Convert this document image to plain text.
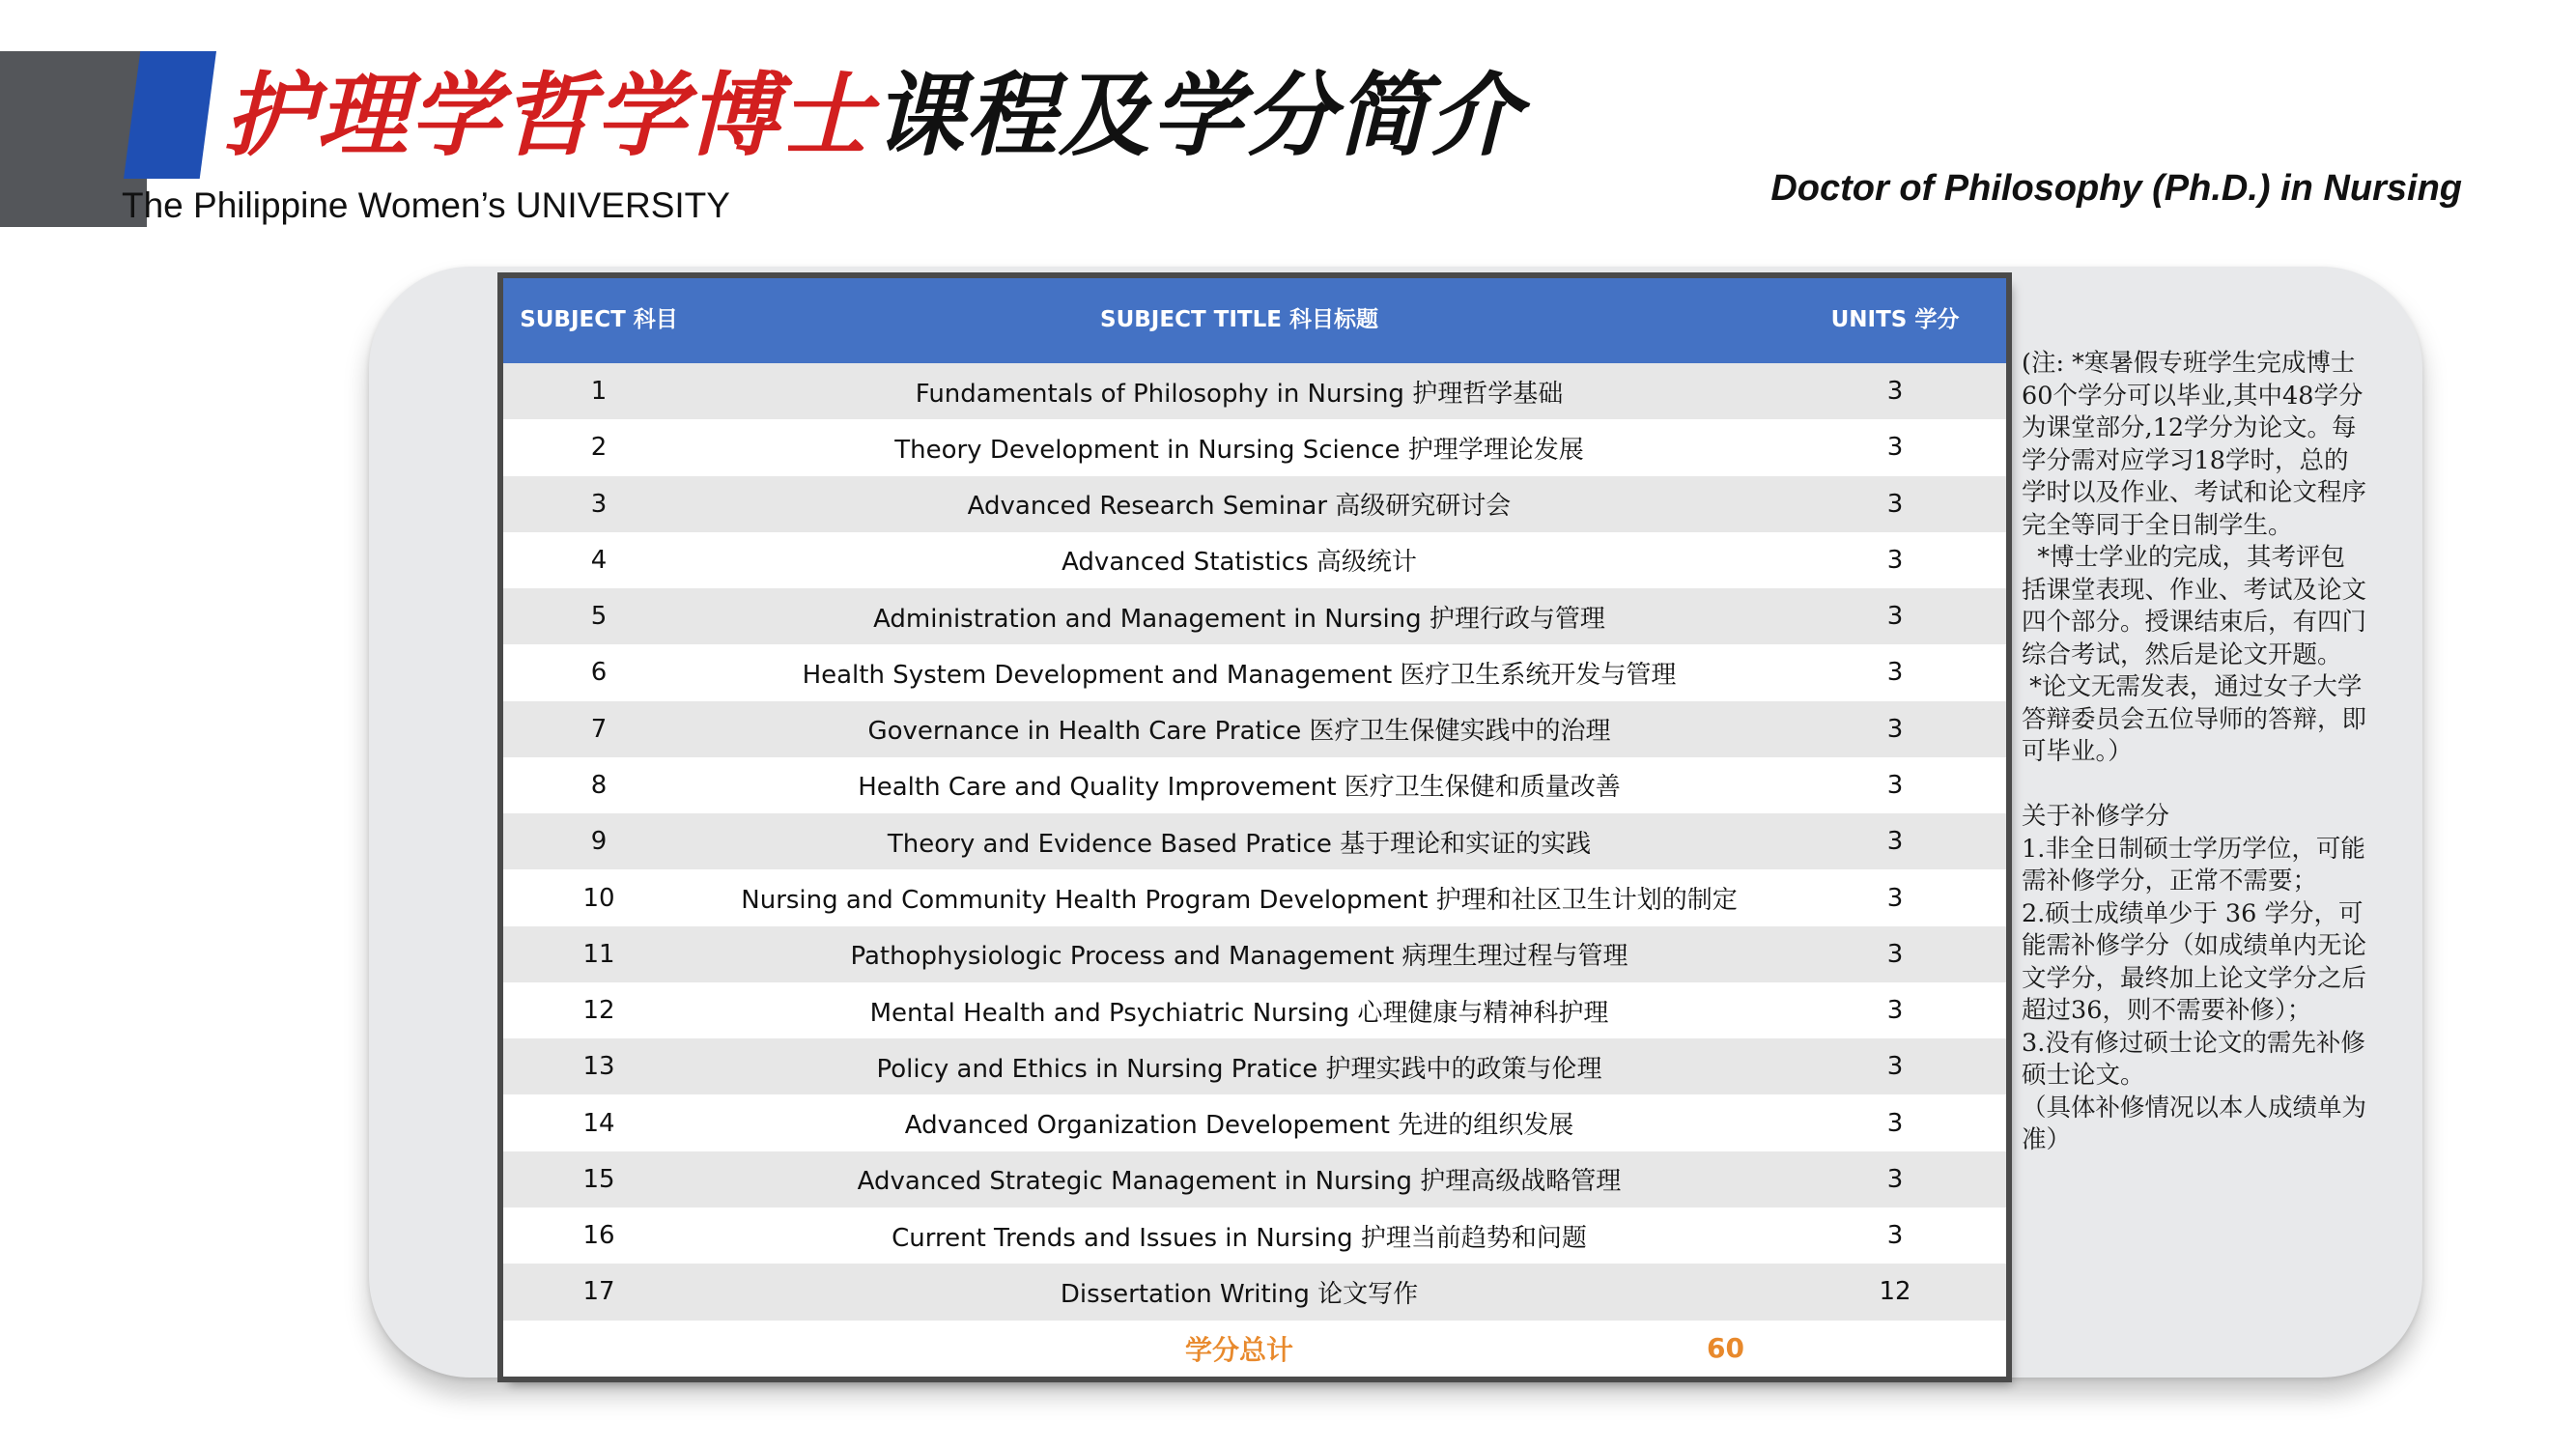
护理学哲学博士课程及学分简介
The Philippine Women’s UNIVERSITY	Doctor of Philosophy (Ph.D.) in Nursing
SUBJECT 科目	SUBJECT TITLE 科目标题	UNITS 学分
1	Fundamentals of Philosophy in Nursing 护理哲学基础	3
2	Theory Development in Nursing Science 护理学理论发展	3
3	Advanced Research Seminar 高级研究研讨会	3
4	Advanced Statistics 高级统计	3
5	Administration and Management in Nursing 护理行政与管理	3
6	Health System Development and Management 医疗卫生系统开发与管理	3
7	Governance in Health Care Pratice 医疗卫生保健实践中的治理	3
8	Health Care and Quality Improvement 医疗卫生保健和质量改善	3
9	Theory and Evidence Based Pratice 基于理论和实证的实践	3
10	Nursing and Community Health Program Development 护理和社区卫生计划的制定	3
11	Pathophysiologic Process and Management 病理生理过程与管理	3
12	Mental Health and Psychiatric Nursing 心理健康与精神科护理	3
13	Policy and Ethics in Nursing Pratice 护理实践中的政策与伦理	3
14	Advanced Organization Developement 先进的组织发展	3
15	Advanced Strategic Management in Nursing 护理高级战略管理	3
16	Current Trends and Issues in Nursing 护理当前趋势和问题	3
17	Dissertation Writing 论文写作	12
	学分总计	60
(注: *寒暑假专班学生完成博士60个学分可以毕业,其中48学分为课堂部分,12学分为论文。每学分需对应学习18学时，总的学时以及作业、考试和论文程序完全等同于全日制学生。
*博士学业的完成，其考评包括课堂表现、作业、考试及论文四个部分。授课结束后，有四门综合考试，然后是论文开题。
*论文无需发表，通过女子大学答辩委员会五位导师的答辩，即可毕业。）

关于补修学分
1.非全日制硕士学历学位，可能需补修学分，正常不需要；
2.硕士成绩单少于 36 学分，可能需补修学分（如成绩单内无论文学分，最终加上论文学分之后超过36，则不需要补修）；
3.没有修过硕士论文的需先补修硕士论文。
（具体补修情况以本人成绩单为准）
